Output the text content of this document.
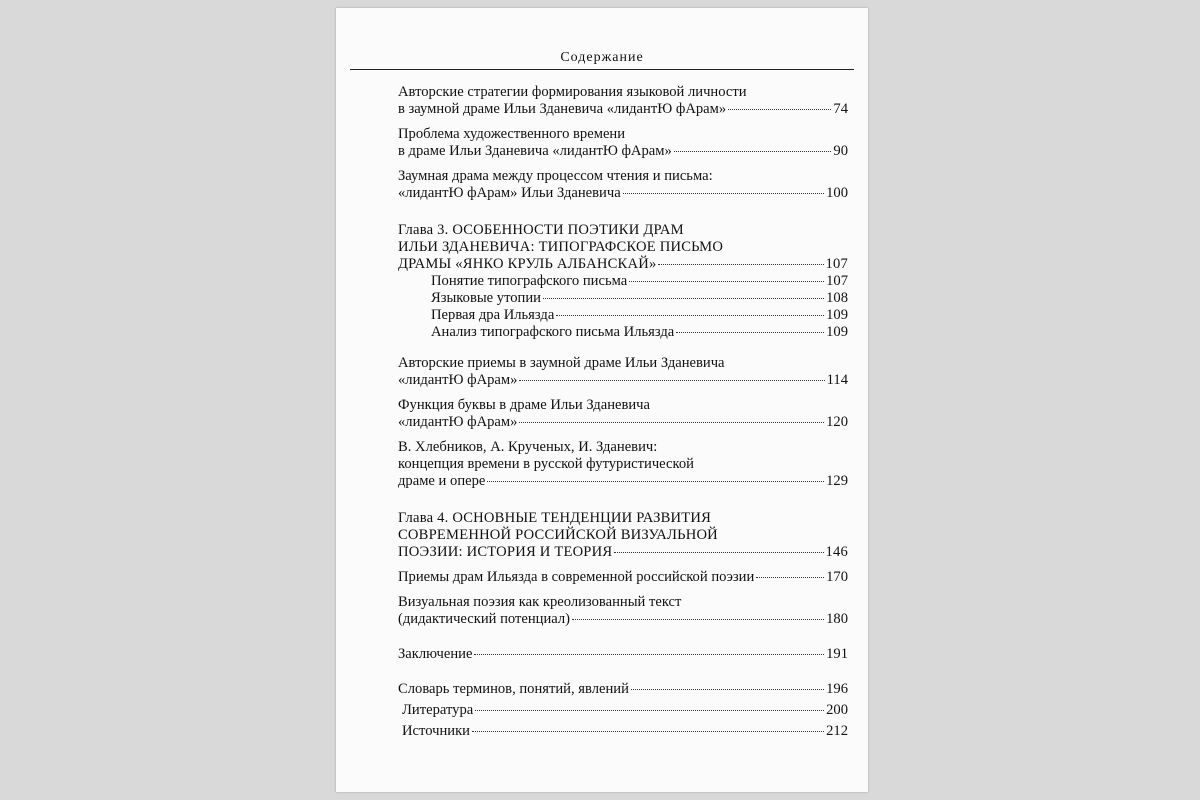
Содержание
Авторские стратегии формирования языковой личности
в заумной драме Ильи Зданевича «лидантЮ фАрам»	74
Проблема художественного времени
в драме Ильи Зданевича «лидантЮ фАрам»	90
Заумная драма между процессом чтения и письма:
«лидантЮ фАрам» Ильи Зданевича	100
Глава 3. ОСОБЕННОСТИ ПОЭТИКИ ДРАМ
ИЛЬИ ЗДАНЕВИЧА: ТИПОГРАФСКОЕ ПИСЬМО
ДРАМЫ «ЯНКО КРУЛЬ АЛБАНСКАЙ»	107
Понятие типографского письма	107
Языковые утопии	108
Первая дра Ильязда	109
Анализ типографского письма Ильязда	109
Авторские приемы в заумной драме Ильи Зданевича
«лидантЮ фАрам»	114
Функция буквы в драме Ильи Зданевича
«лидантЮ фАрам»	120
В. Хлебников, А. Крученых, И. Зданевич:
концепция времени в русской футуристической
драме и опере	129
Глава 4. ОСНОВНЫЕ ТЕНДЕНЦИИ РАЗВИТИЯ
СОВРЕМЕННОЙ РОССИЙСКОЙ ВИЗУАЛЬНОЙ
ПОЭЗИИ: ИСТОРИЯ И ТЕОРИЯ	146
Приемы драм Ильязда в современной российской поэзии	170
Визуальная поэзия как креолизованный текст
(дидактический потенциал)	180
Заключение	191
Словарь терминов, понятий, явлений	196
Литература	200
Источники	212
